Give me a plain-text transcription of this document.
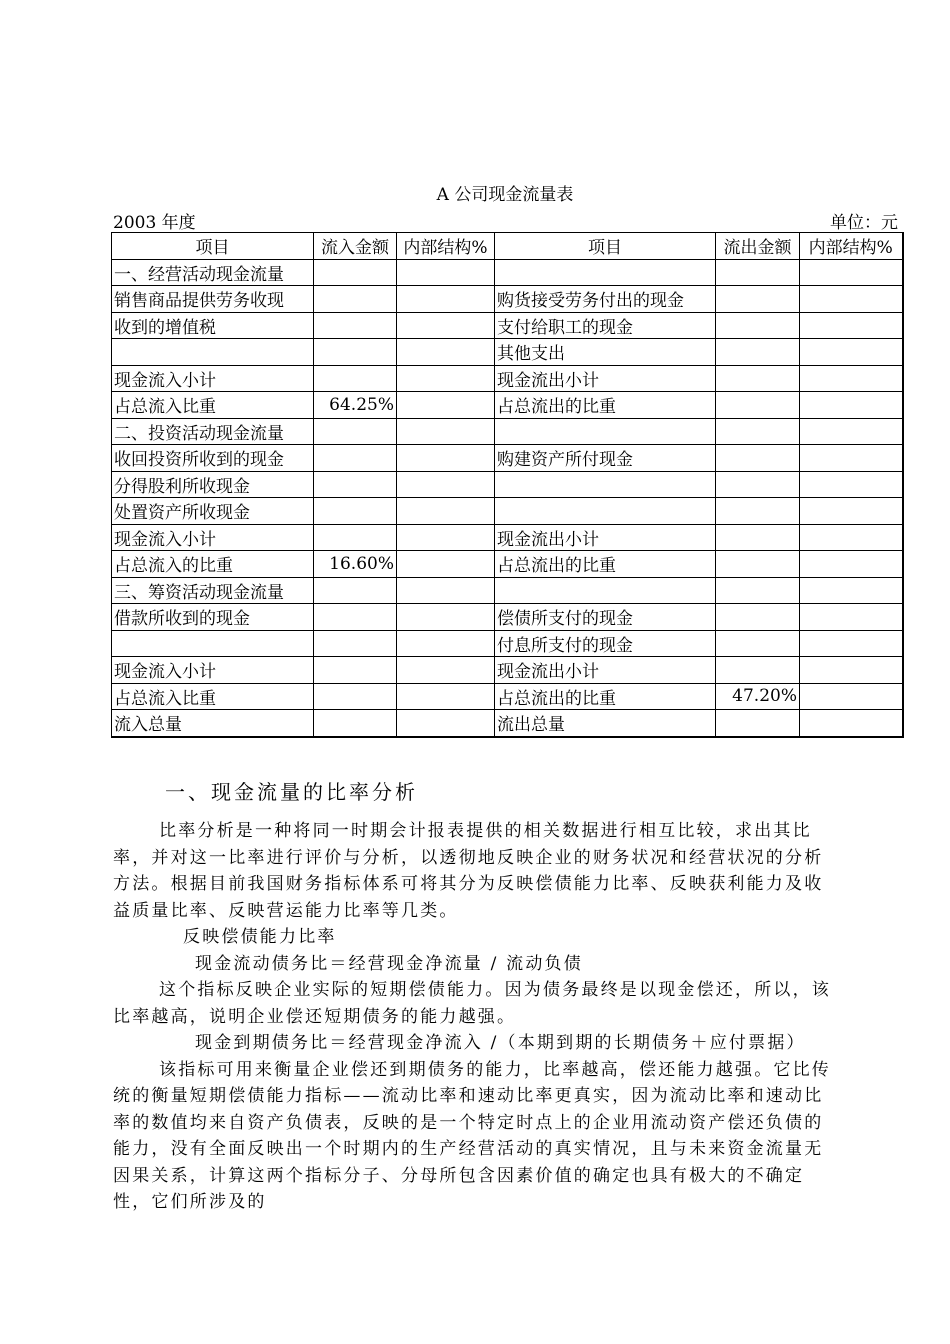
A 公司现金流量表
2003 年度	单位：元
项目	流入金额	内部结构%	项目	流出金额	内部结构%
一、经营活动现金流量					
销售商品提供劳务收现			购货接受劳务付出的现金		
收到的增值税			支付给职工的现金		
			其他支出		
现金流入小计			现金流出小计		
占总流入比重	64.25%		占总流出的比重		
二、投资活动现金流量					
收回投资所收到的现金			购建资产所付现金		
分得股利所收现金					
处置资产所收现金					
现金流入小计			现金流出小计		
占总流入的比重	16.60%		占总流出的比重		
三、筹资活动现金流量					
借款所收到的现金			偿债所支付的现金		
			付息所支付的现金		
现金流入小计			现金流出小计		
占总流入比重			占总流出的比重	47.20%	
流入总量			流出总量		
一、现金流量的比率分析

比率分析是一种将同一时期会计报表提供的相关数据进行相互比较，求出其比率，并对这一比率进行评价与分析，以透彻地反映企业的财务状况和经营状况的分析方法。根据目前我国财务指标体系可将其分为反映偿债能力比率、反映获利能力及收益质量比率、反映营运能力比率等几类。

反映偿债能力比率

现金流动债务比＝经营现金净流量 / 流动负债

这个指标反映企业实际的短期偿债能力。因为债务最终是以现金偿还，所以，该比率越高，说明企业偿还短期债务的能力越强。

现金到期债务比＝经营现金净流入 /（本期到期的长期债务＋应付票据）

该指标可用来衡量企业偿还到期债务的能力，比率越高，偿还能力越强。它比传统的衡量短期偿债能力指标——流动比率和速动比率更真实，因为流动比率和速动比率的数值均来自资产负债表，反映的是一个特定时点上的企业用流动资产偿还负债的能力，没有全面反映出一个时期内的生产经营活动的真实情况，且与未来资金流量无因果关系，计算这两个指标分子、分母所包含因素价值的确定也具有极大的不确定性，它们所涉及的
